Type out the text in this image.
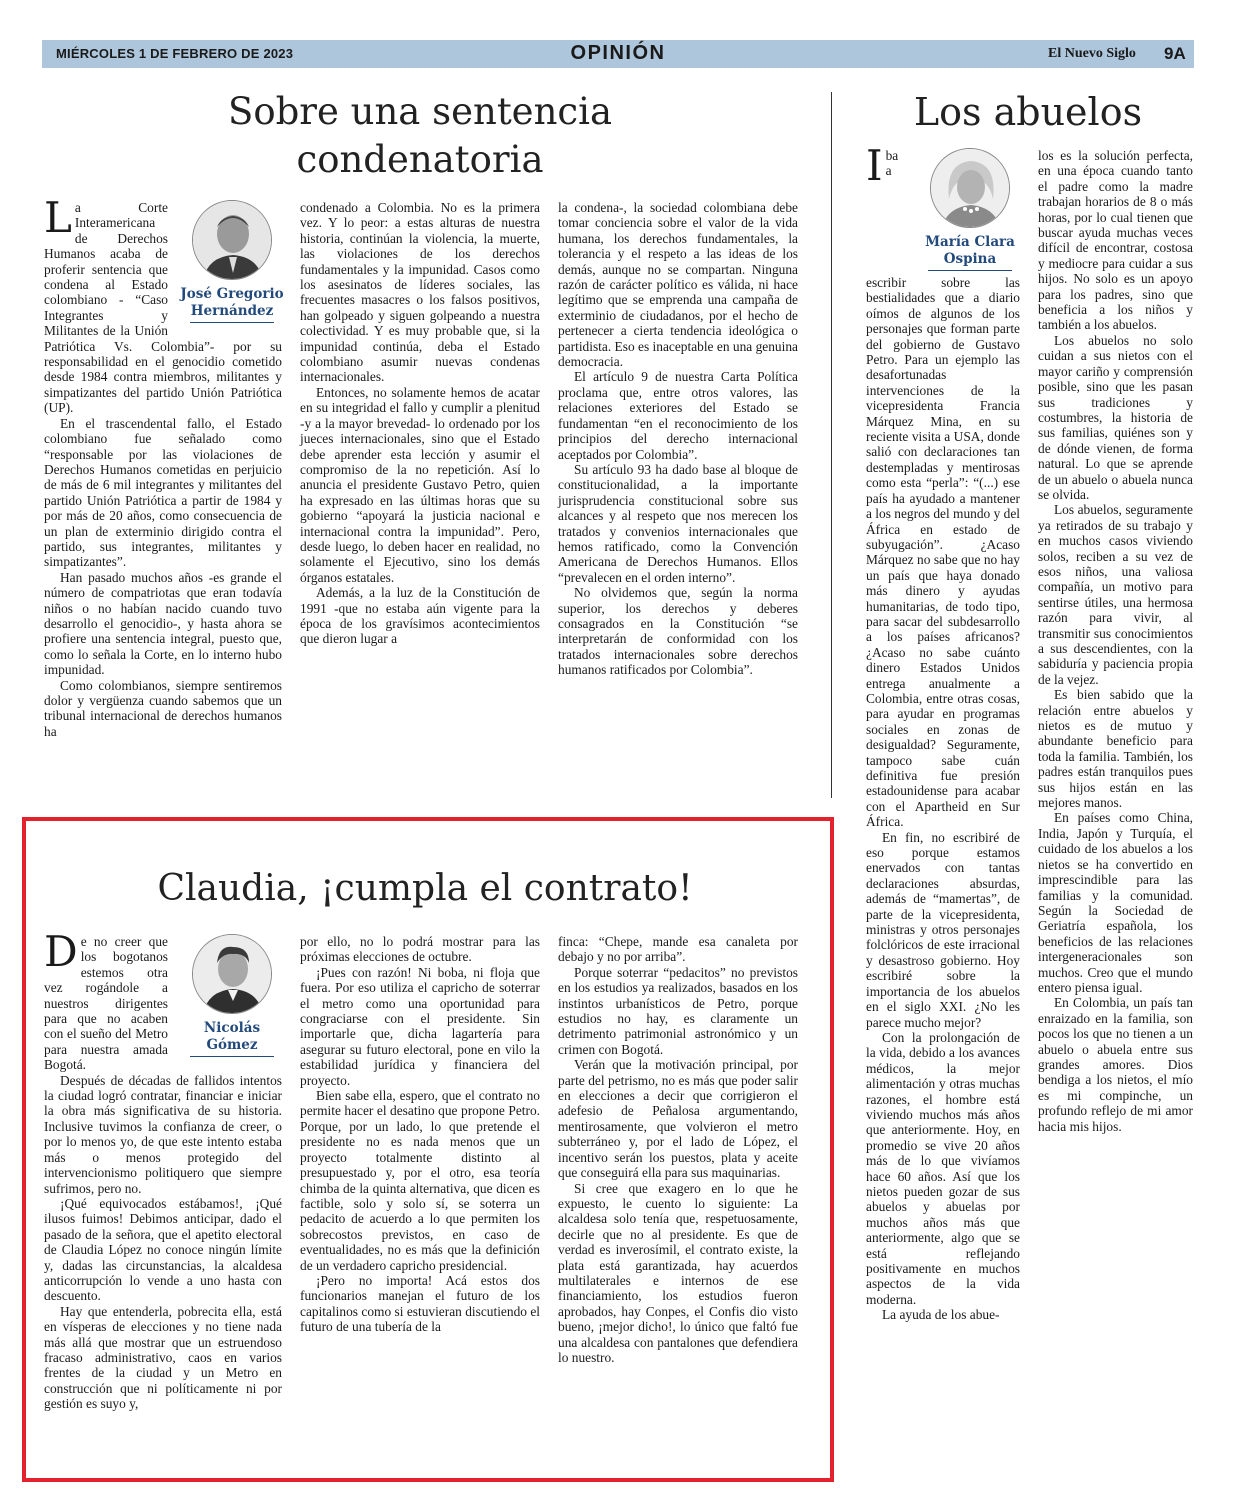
MIÉRCOLES 1 DE FEBRERO DE 2023	OPINIÓN	El Nuevo Siglo 9A
Sobre una sentencia condenatoria
José Gregorio
Hernández

La Corte Interamericana de Derechos Humanos acaba de proferir sentencia que condena al Estado colombiano - “Caso Integrantes y Militantes de la Unión Patriótica Vs. Colombia”- por su responsabilidad en el genocidio cometido desde 1984 contra miembros, militantes y simpatizantes del partido Unión Patriótica (UP).

En el trascendental fallo, el Estado colombiano fue señalado como “responsable por las violaciones de Derechos Humanos cometidas en perjuicio de más de 6 mil integrantes y militantes del partido Unión Patriótica a partir de 1984 y por más de 20 años, como consecuencia de un plan de exterminio dirigido contra el partido, sus integrantes, militantes y simpatizantes”.

Han pasado muchos años -es grande el número de compatriotas que eran todavía niños o no habían nacido cuando tuvo desarrollo el genocidio-, y hasta ahora se profiere una sentencia integral, puesto que, como lo señala la Corte, en lo interno hubo impunidad.

Como colombianos, siempre sentiremos dolor y vergüenza cuando sabemos que un tribunal internacional de derechos humanos ha

condenado a Colombia. No es la primera vez. Y lo peor: a estas alturas de nuestra historia, continúan la violencia, la muerte, las violaciones de los derechos fundamentales y la impunidad. Casos como los asesinatos de líderes sociales, las frecuentes masacres o los falsos positivos, han golpeado y siguen golpeando a nuestra colectividad. Y es muy probable que, si la impunidad continúa, deba el Estado colombiano asumir nuevas condenas internacionales.

Entonces, no solamente hemos de acatar en su integridad el fallo y cumplir a plenitud -y a la mayor brevedad- lo ordenado por los jueces internacionales, sino que el Estado debe aprender esta lección y asumir el compromiso de la no repetición. Así lo anuncia el presidente Gustavo Petro, quien ha expresado en las últimas horas que su gobierno “apoyará la justicia nacional e internacional contra la impunidad”. Pero, desde luego, lo deben hacer en realidad, no solamente el Ejecutivo, sino los demás órganos estatales.

Además, a la luz de la Constitución de 1991 -que no estaba aún vigente para la época de los gravísimos acontecimientos que dieron lugar a

la condena-, la sociedad colombiana debe tomar conciencia sobre el valor de la vida humana, los derechos fundamentales, la tolerancia y el respeto a las ideas de los demás, aunque no se compartan. Ninguna razón de carácter político es válida, ni hace legítimo que se emprenda una campaña de exterminio de ciudadanos, por el hecho de pertenecer a cierta tendencia ideológica o partidista. Eso es inaceptable en una genuina democracia.

El artículo 9 de nuestra Carta Política proclama que, entre otros valores, las relaciones exteriores del Estado se fundamentan “en el reconocimiento de los principios del derecho internacional aceptados por Colombia”.

Su artículo 93 ha dado base al bloque de constitucionalidad, a la importante jurisprudencia constitucional sobre sus alcances y al respeto que nos merecen los tratados y convenios internacionales que hemos ratificado, como la Convención Americana de Derechos Humanos. Ellos “prevalecen en el orden interno”.

No olvidemos que, según la norma superior, los derechos y deberes consagrados en la Constitución “se interpretarán de conformidad con los tratados internacionales sobre derechos humanos ratificados por Colombia”.

Claudia, ¡cumpla el contrato!
Nicolás
Gómez

De no creer que los bogotanos estemos otra vez rogándole a nuestros dirigentes para que no acaben con el sueño del Metro para nuestra amada Bogotá.

Después de décadas de fallidos intentos la ciudad logró contratar, financiar e iniciar la obra más significativa de su historia. Inclusive tuvimos la confianza de creer, o por lo menos yo, de que este intento estaba más o menos protegido del intervencionismo politiquero que siempre sufrimos, pero no.

¡Qué equivocados estábamos!, ¡Qué ilusos fuimos! Debimos anticipar, dado el pasado de la señora, que el apetito electoral de Claudia López no conoce ningún límite y, dadas las circunstancias, la alcaldesa anticorrupción lo vende a uno hasta con descuento.

Hay que entenderla, pobrecita ella, está en vísperas de elecciones y no tiene nada más allá que mostrar que un estruendoso fracaso administrativo, caos en varios frentes de la ciudad y un Metro en construcción que ni políticamente ni por gestión es suyo y,

por ello, no lo podrá mostrar para las próximas elecciones de octubre.

¡Pues con razón! Ni boba, ni floja que fuera. Por eso utiliza el capricho de soterrar el metro como una oportunidad para congraciarse con el presidente. Sin importarle que, dicha lagartería para asegurar su futuro electoral, pone en vilo la estabilidad jurídica y financiera del proyecto.

Bien sabe ella, espero, que el contrato no permite hacer el desatino que propone Petro. Porque, por un lado, lo que pretende el presidente no es nada menos que un proyecto totalmente distinto al presupuestado y, por el otro, esa teoría chimba de la quinta alternativa, que dicen es factible, solo y solo sí, se soterra un pedacito de acuerdo a lo que permiten los sobrecostos previstos, en caso de eventualidades, no es más que la definición de un verdadero capricho presidencial.

¡Pero no importa! Acá estos dos funcionarios manejan el futuro de los capitalinos como si estuvieran discutiendo el futuro de una tubería de la

finca: “Chepe, mande esa canaleta por debajo y no por arriba”.

Porque soterrar “pedacitos” no previstos en los estudios ya realizados, basados en los instintos urbanísticos de Petro, porque estudios no hay, es claramente un detrimento patrimonial astronómico y un crimen con Bogotá.

Verán que la motivación principal, por parte del petrismo, no es más que poder salir en elecciones a decir que corrigieron el adefesio de Peñalosa argumentando, mentirosamente, que volvieron el metro subterráneo y, por el lado de López, el incentivo serán los puestos, plata y aceite que conseguirá ella para sus maquinarias.

Si cree que exagero en lo que he expuesto, le cuento lo siguiente: La alcaldesa solo tenía que, respetuosamente, decirle que no al presidente. Es que de verdad es inverosímil, el contrato existe, la plata está garantizada, hay acuerdos multilaterales e internos de ese financiamiento, los estudios fueron aprobados, hay Conpes, el Confis dio visto bueno, ¡mejor dicho!, lo único que faltó fue una alcaldesa con pantalones que defendiera lo nuestro.

Los abuelos
María Clara
Ospina

Iba a escribir sobre las bestialidades que a diario oímos de algunos de los personajes que forman parte del gobierno de Gustavo Petro. Para un ejemplo las desafortunadas intervenciones de la vicepresidenta Francia Márquez Mina, en su reciente visita a USA, donde salió con declaraciones tan destempladas y mentirosas como esta “perla”: “(...) ese país ha ayudado a mantener a los negros del mundo y del África en estado de subyugación”. ¿Acaso Márquez no sabe que no hay un país que haya donado más dinero y ayudas humanitarias, de todo tipo, para sacar del subdesarrollo a los países africanos? ¿Acaso no sabe cuánto dinero Estados Unidos entrega anualmente a Colombia, entre otras cosas, para ayudar en programas sociales en zonas de desigualdad? Seguramente, tampoco sabe cuán definitiva fue presión estadounidense para acabar con el Apartheid en Sur África.

En fin, no escribiré de eso porque estamos enervados con tantas declaraciones absurdas, además de “mamertas”, de parte de la vicepresidenta, ministras y otros personajes folclóricos de este irracional y desastroso gobierno. Hoy escribiré sobre la importancia de los abuelos en el siglo XXI. ¿No les parece mucho mejor?

Con la prolongación de la vida, debido a los avances médicos, la mejor alimentación y otras muchas razones, el hombre está viviendo muchos más años que anteriormente. Hoy, en promedio se vive 20 años más de lo que vivíamos hace 60 años. Así que los nietos pueden gozar de sus abuelos y abuelas por muchos años más que anteriormente, algo que se está reflejando positivamente en muchos aspectos de la vida moderna.

La ayuda de los abue-

los es la solución perfecta, en una época cuando tanto el padre como la madre trabajan horarios de 8 o más horas, por lo cual tienen que buscar ayuda muchas veces difícil de encontrar, costosa y mediocre para cuidar a sus hijos. No solo es un apoyo para los padres, sino que beneficia a los niños y también a los abuelos.

Los abuelos no solo cuidan a sus nietos con el mayor cariño y comprensión posible, sino que les pasan sus tradiciones y costumbres, la historia de sus familias, quiénes son y de dónde vienen, de forma natural. Lo que se aprende de un abuelo o abuela nunca se olvida.

Los abuelos, seguramente ya retirados de su trabajo y en muchos casos viviendo solos, reciben a su vez de esos niños, una valiosa compañía, un motivo para sentirse útiles, una hermosa razón para vivir, al transmitir sus conocimientos a sus descendientes, con la sabiduría y paciencia propia de la vejez.

Es bien sabido que la relación entre abuelos y nietos es de mutuo y abundante beneficio para toda la familia. También, los padres están tranquilos pues sus hijos están en las mejores manos.

En países como China, India, Japón y Turquía, el cuidado de los abuelos a los nietos se ha convertido en imprescindible para las familias y la comunidad. Según la Sociedad de Geriatría española, los beneficios de las relaciones intergeneracionales son muchos. Creo que el mundo entero piensa igual.

En Colombia, un país tan enraizado en la familia, son pocos los que no tienen a un abuelo o abuela entre sus grandes amores. Dios bendiga a los nietos, el mío es mi compinche, un profundo reflejo de mi amor hacia mis hijos.
